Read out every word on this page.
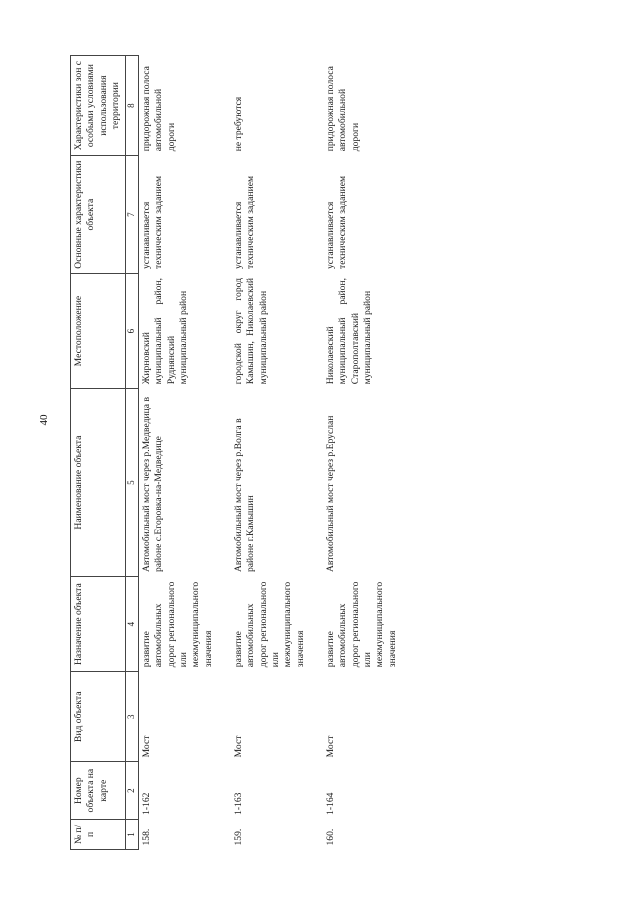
40
№ п/п	Номер объекта на карте	Вид объекта	Назначение объекта	Наименование объекта	Местоположение	Основные характеристики объекта	Характеристики зон с особыми условиями использования территории
1	2	3	4	5	6	7	8
158.	1-162	Мост	развитие автомобильных дорог регионального или межмуниципального значения	Автомобильный мост через р.Медведица в районе с.Егоровка-на-Медведице	Жирновский муниципальный район, Руднянский муниципальный район	устанавливается техническим заданием	придорожная полоса автомобильной дороги
159.	1-163	Мост	развитие автомобильных дорог регионального или межмуниципального значения	Автомобильный мост через р.Волга в районе г.Камышин	городской округ город Камышин, Николаевский муниципальный район	устанавливается техническим заданием	не требуются
160.	1-164	Мост	развитие автомобильных дорог регионального или межмуниципального значения	Автомобильный мост через р.Еруслан	Николаевский муниципальный район, Старополтавский муниципальный район	устанавливается техническим заданием	придорожная полоса автомобильной дороги
